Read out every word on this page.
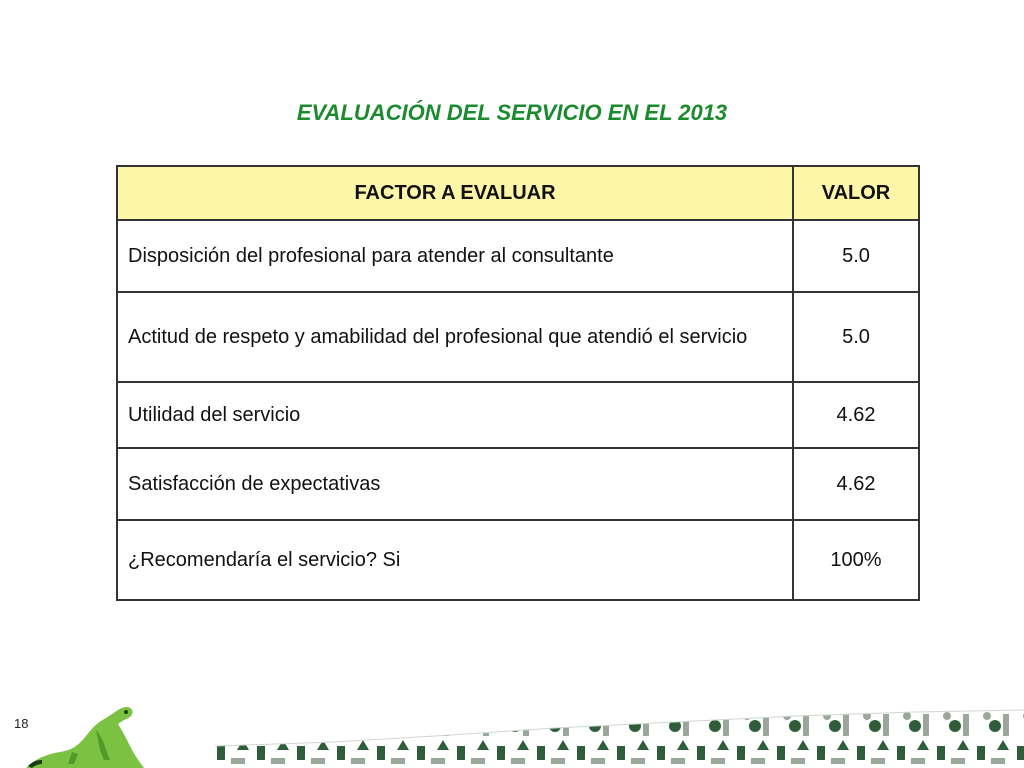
EVALUACIÓN DEL SERVICIO EN EL 2013
FACTOR A EVALUAR	VALOR
Disposición del profesional para atender al consultante	5.0
Actitud de respeto y amabilidad del profesional que atendió el servicio	5.0
Utilidad del servicio	4.62
Satisfacción de expectativas	4.62
¿Recomendaría el servicio? Si	100%
18
